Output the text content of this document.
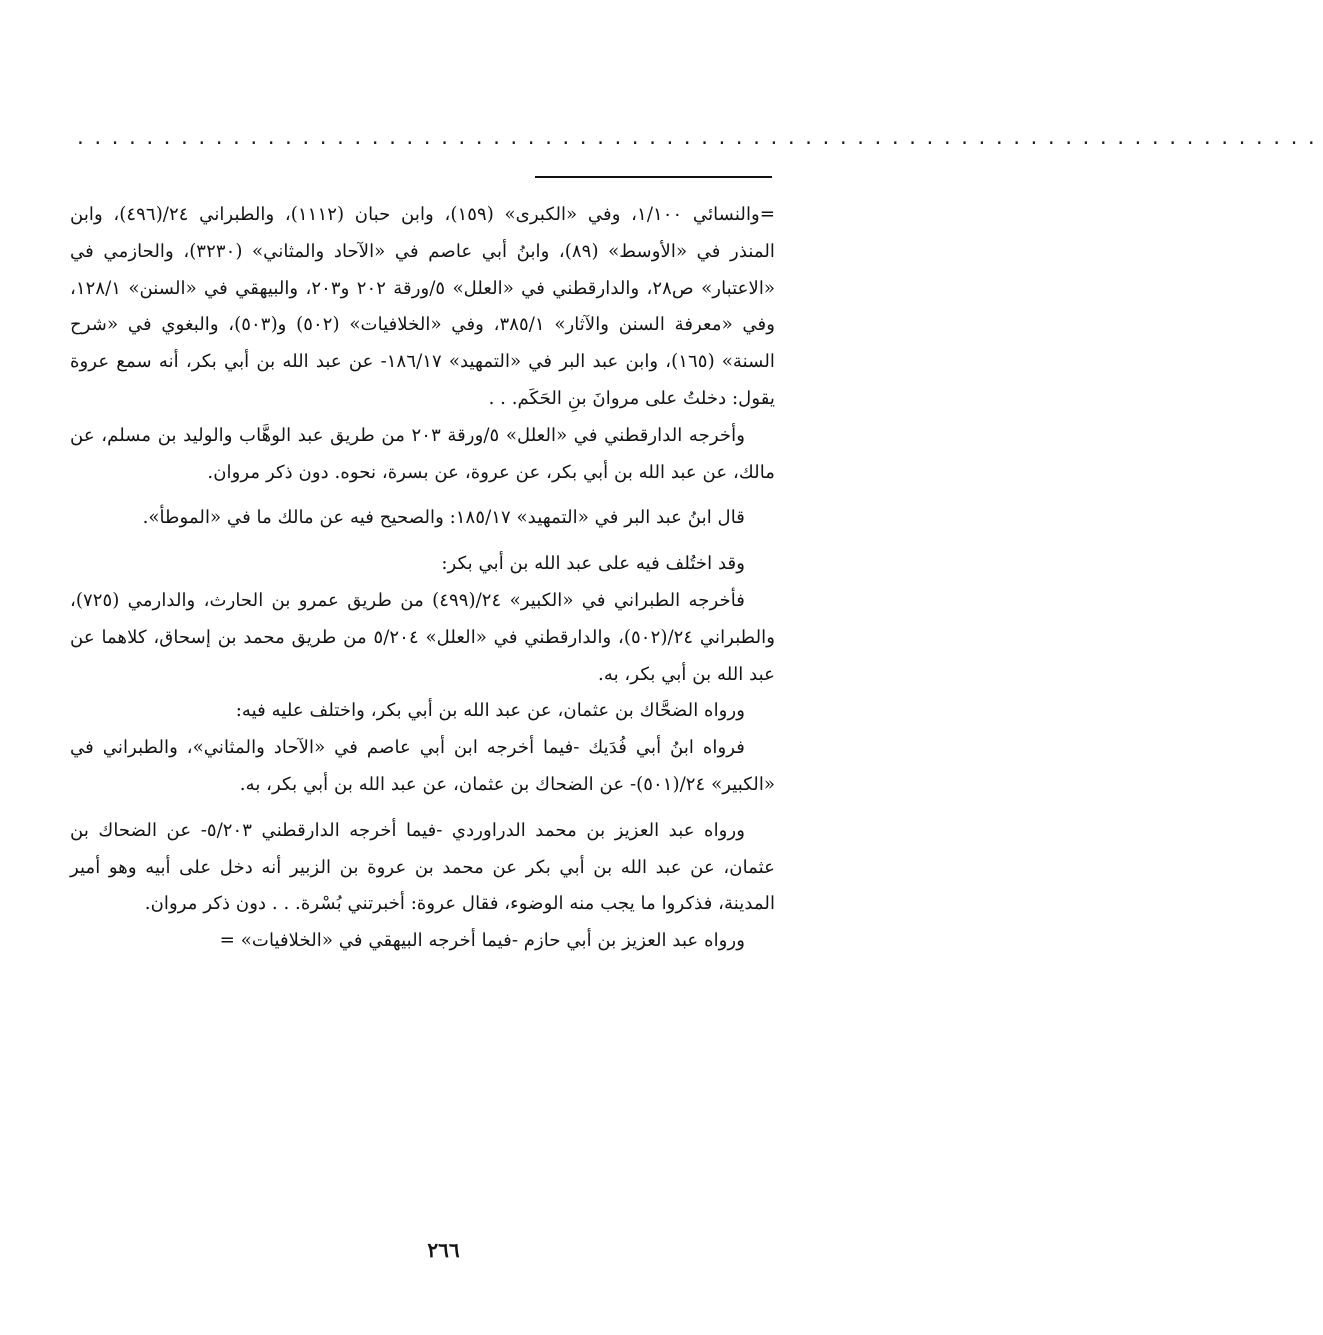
........................................................................

=والنسائي ١/١٠٠، وفي «الكبرى» (١٥٩)، وابن حبان (١١١٢)، والطبراني ٢٤/(٤٩٦)، وابن المنذر في «الأوسط» (٨٩)، وابنُ أبي عاصم في «الآحاد والمثاني» (٣٢٣٠)، والحازمي في «الاعتبار» ص٢٨، والدارقطني في «العلل» ٥/ورقة ٢٠٢ و٢٠٣، والبيهقي في «السنن» ١٢٨/١، وفي «معرفة السنن والآثار» ٣٨٥/١، وفي «الخلافيات» (٥٠٢) و(٥٠٣)، والبغوي في «شرح السنة» (١٦٥)، وابن عبد البر في «التمهيد» ١٨٦/١٧- عن عبد الله بن أبي بكر، أنه سمع عروة يقول: دخلتُ على مروانَ بنِ الحَكَم. . .

وأخرجه الدارقطني في «العلل» ٥/ورقة ٢٠٣ من طريق عبد الوهَّاب والوليد بن مسلم، عن مالك، عن عبد الله بن أبي بكر، عن عروة، عن بسرة، نحوه. دون ذكر مروان.

قال ابنُ عبد البر في «التمهيد» ١٨٥/١٧: والصحيح فيه عن مالك ما في «الموطأ».

وقد اختُلف فيه على عبد الله بن أبي بكر:

فأخرجه الطبراني في «الكبير» ٢٤/(٤٩٩) من طريق عمرو بن الحارث، والدارمي (٧٢٥)، والطبراني ٢٤/(٥٠٢)، والدارقطني في «العلل» ٥/٢٠٤ من طريق محمد بن إسحاق، كلاهما عن عبد الله بن أبي بكر، به.

ورواه الضحَّاك بن عثمان، عن عبد الله بن أبي بكر، واختلف عليه فيه:

فرواه ابنُ أبي فُدَيك -فيما أخرجه ابن أبي عاصم في «الآحاد والمثاني»، والطبراني في «الكبير» ٢٤/(٥٠١)- عن الضحاك بن عثمان، عن عبد الله بن أبي بكر، به.

ورواه عبد العزيز بن محمد الدراوردي -فيما أخرجه الدارقطني ٥/٢٠٣- عن الضحاك بن عثمان، عن عبد الله بن أبي بكر عن محمد بن عروة بن الزبير أنه دخل على أبيه وهو أمير المدينة، فذكروا ما يجب منه الوضوء، فقال عروة: أخبرتني بُسْرة. . . دون ذكر مروان.

ورواه عبد العزيز بن أبي حازم -فيما أخرجه البيهقي في «الخلافيات» =

٢٦٦
